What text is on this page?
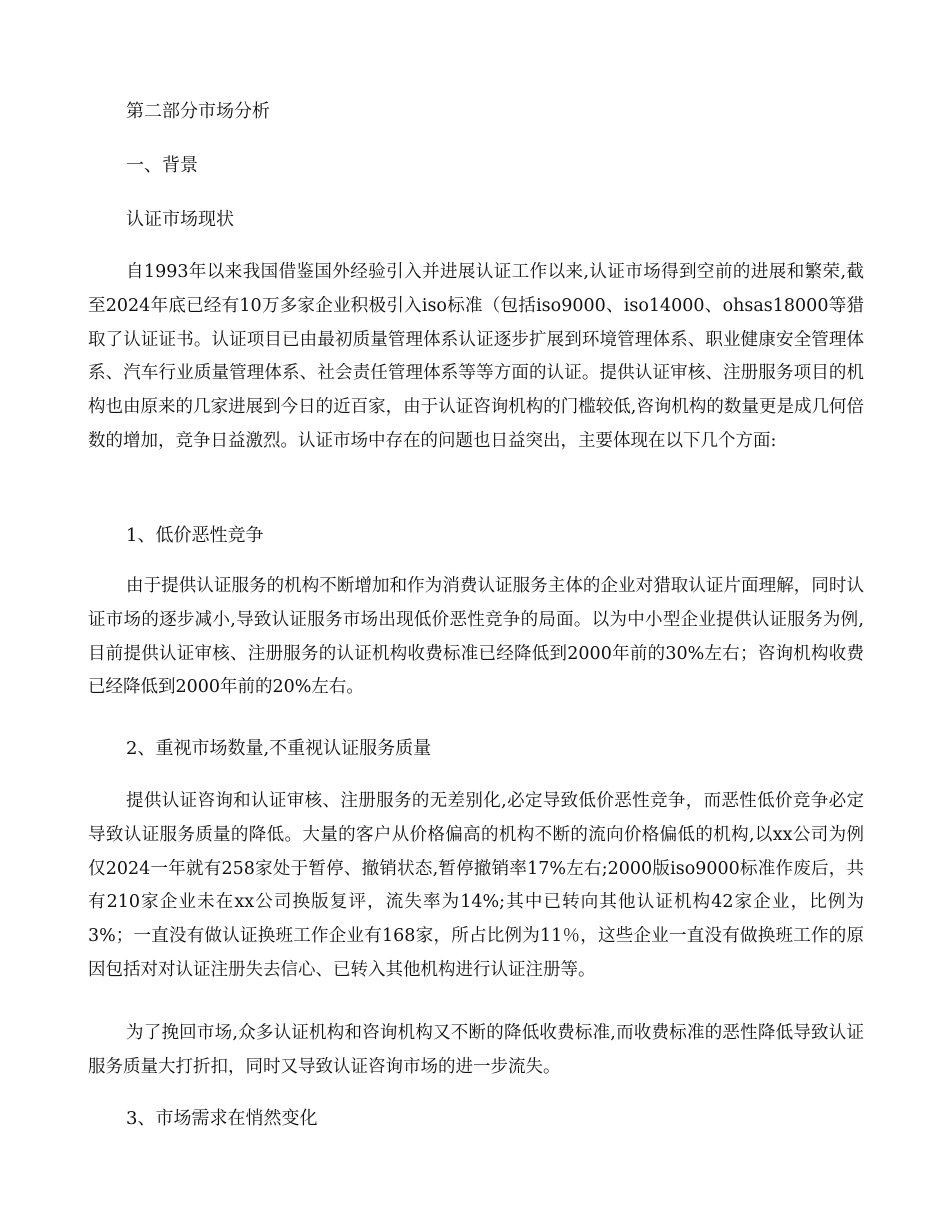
第二部分市场分析

一、背景

认证市场现状

自1993年以来我国借鉴国外经验引入并进展认证工作以来,认证市场得到空前的进展和繁荣,截至2024年底已经有10万多家企业积极引入iso标准（包括iso9000、iso14000、ohsas18000等猎取了认证证书。认证项目已由最初质量管理体系认证逐步扩展到环境管理体系、职业健康安全管理体系、汽车行业质量管理体系、社会责任管理体系等等方面的认证。提供认证审核、注册服务项目的机构也由原来的几家进展到今日的近百家，由于认证咨询机构的门槛较低,咨询机构的数量更是成几何倍数的增加，竞争日益激烈。认证市场中存在的问题也日益突出，主要体现在以下几个方面:

1、低价恶性竞争

由于提供认证服务的机构不断增加和作为消费认证服务主体的企业对猎取认证片面理解，同时认证市场的逐步减小,导致认证服务市场出现低价恶性竞争的局面。以为中小型企业提供认证服务为例,目前提供认证审核、注册服务的认证机构收费标准已经降低到2000年前的30%左右；咨询机构收费已经降低到2000年前的20%左右。

2、重视市场数量,不重视认证服务质量

提供认证咨询和认证审核、注册服务的无差别化,必定导致低价恶性竞争，而恶性低价竞争必定导致认证服务质量的降低。大量的客户从价格偏高的机构不断的流向价格偏低的机构,以xx公司为例仅2024一年就有258家处于暂停、撤销状态,暂停撤销率17%左右;2000版iso9000标准作废后，共有210家企业未在xx公司换版复评，流失率为14%;其中已转向其他认证机构42家企业，比例为3%；一直没有做认证换班工作企业有168家，所占比例为11％，这些企业一直没有做换班工作的原因包括对对认证注册失去信心、已转入其他机构进行认证注册等。

为了挽回市场,众多认证机构和咨询机构又不断的降低收费标准,而收费标准的恶性降低导致认证服务质量大打折扣，同时又导致认证咨询市场的进一步流失。

3、市场需求在悄然变化
